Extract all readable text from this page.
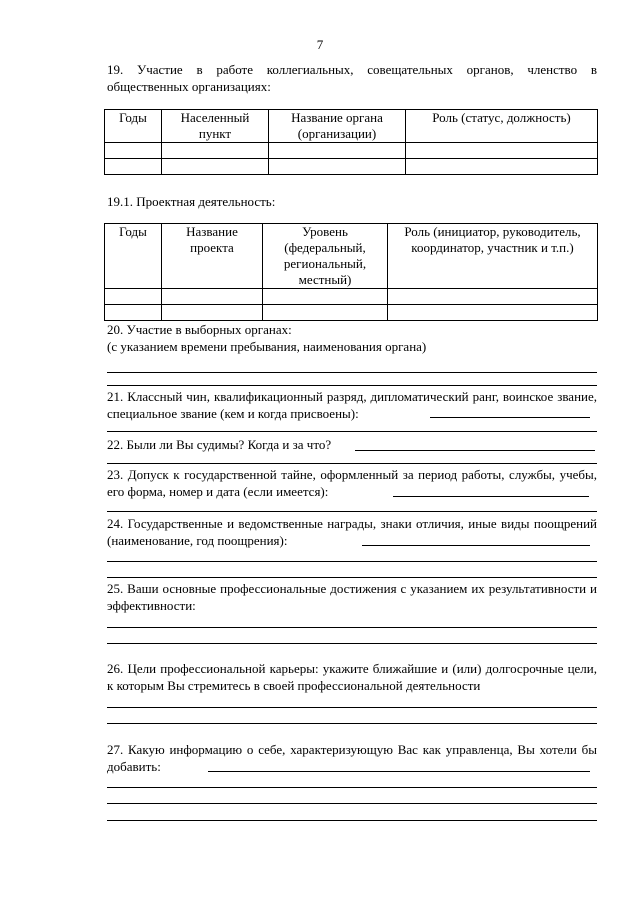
7
19. Участие в работе коллегиальных, совещательных органов, членство в общественных организациях:
Годы	Населенный пункт	Название органа (организации)	Роль (статус, должность)

19.1. Проектная деятельность:
Годы	Название проекта	Уровень (федеральный, региональный, местный)	Роль (инициатор, руководитель, координатор, участник и т.п.)

20. Участие в выборных органах:
(с указанием времени пребывания, наименования органа)
21. Классный чин, квалификационный разряд, дипломатический ранг, воинское звание, специальное звание (кем и когда присвоены):
22. Были ли Вы судимы? Когда и за что?
23. Допуск к государственной тайне, оформленный за период работы, службы, учебы, его форма, номер и дата (если имеется):
24. Государственные и ведомственные награды, знаки отличия, иные виды поощрений (наименование, год поощрения):
25. Ваши основные профессиональные достижения с указанием их результативности и эффективности:
26. Цели профессиональной карьеры: укажите ближайшие и (или) долгосрочные цели, к которым Вы стремитесь в своей профессиональной деятельности
27. Какую информацию о себе, характеризующую Вас как управленца, Вы хотели бы добавить:
